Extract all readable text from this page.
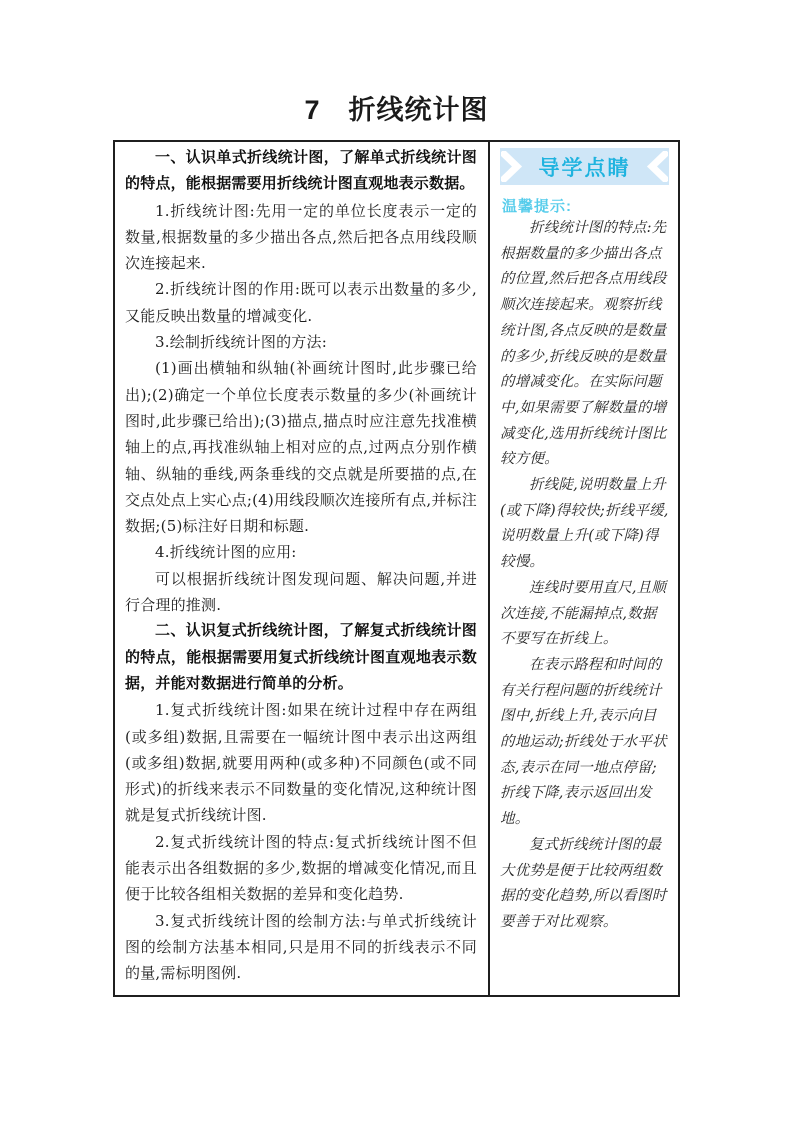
7　折线统计图

一、认识单式折线统计图，了解单式折线统计图的特点，能根据需要用折线统计图直观地表示数据。

1.折线统计图:先用一定的单位长度表示一定的数量,根据数量的多少描出各点,然后把各点用线段顺次连接起来.

2.折线统计图的作用:既可以表示出数量的多少,又能反映出数量的增减变化.

3.绘制折线统计图的方法:

(1)画出横轴和纵轴(补画统计图时,此步骤已给出);(2)确定一个单位长度表示数量的多少(补画统计图时,此步骤已给出);(3)描点,描点时应注意先找准横轴上的点,再找准纵轴上相对应的点,过两点分别作横轴、纵轴的垂线,两条垂线的交点就是所要描的点,在交点处点上实心点;(4)用线段顺次连接所有点,并标注数据;(5)标注好日期和标题.

4.折线统计图的应用:

可以根据折线统计图发现问题、解决问题,并进行合理的推测.

二、认识复式折线统计图，了解复式折线统计图的特点，能根据需要用复式折线统计图直观地表示数据，并能对数据进行简单的分析。

1.复式折线统计图:如果在统计过程中存在两组(或多组)数据,且需要在一幅统计图中表示出这两组(或多组)数据,就要用两种(或多种)不同颜色(或不同形式)的折线来表示不同数量的变化情况,这种统计图就是复式折线统计图.

2.复式折线统计图的特点:复式折线统计图不但能表示出各组数据的多少,数据的增减变化情况,而且便于比较各组相关数据的差异和变化趋势.

3.复式折线统计图的绘制方法:与单式折线统计图的绘制方法基本相同,只是用不同的折线表示不同的量,需标明图例.

导学点睛

温馨提示:

折线统计图的特点:先根据数量的多少描出各点的位置,然后把各点用线段顺次连接起来。观察折线统计图,各点反映的是数量的多少,折线反映的是数量的增减变化。在实际问题中,如果需要了解数量的增减变化,选用折线统计图比较方便。

折线陡,说明数量上升(或下降)得较快;折线平缓,说明数量上升(或下降)得较慢。

连线时要用直尺,且顺次连接,不能漏掉点,数据不要写在折线上。

在表示路程和时间的有关行程问题的折线统计图中,折线上升,表示向目的地运动;折线处于水平状态,表示在同一地点停留;折线下降,表示返回出发地。

复式折线统计图的最大优势是便于比较两组数据的变化趋势,所以看图时要善于对比观察。
